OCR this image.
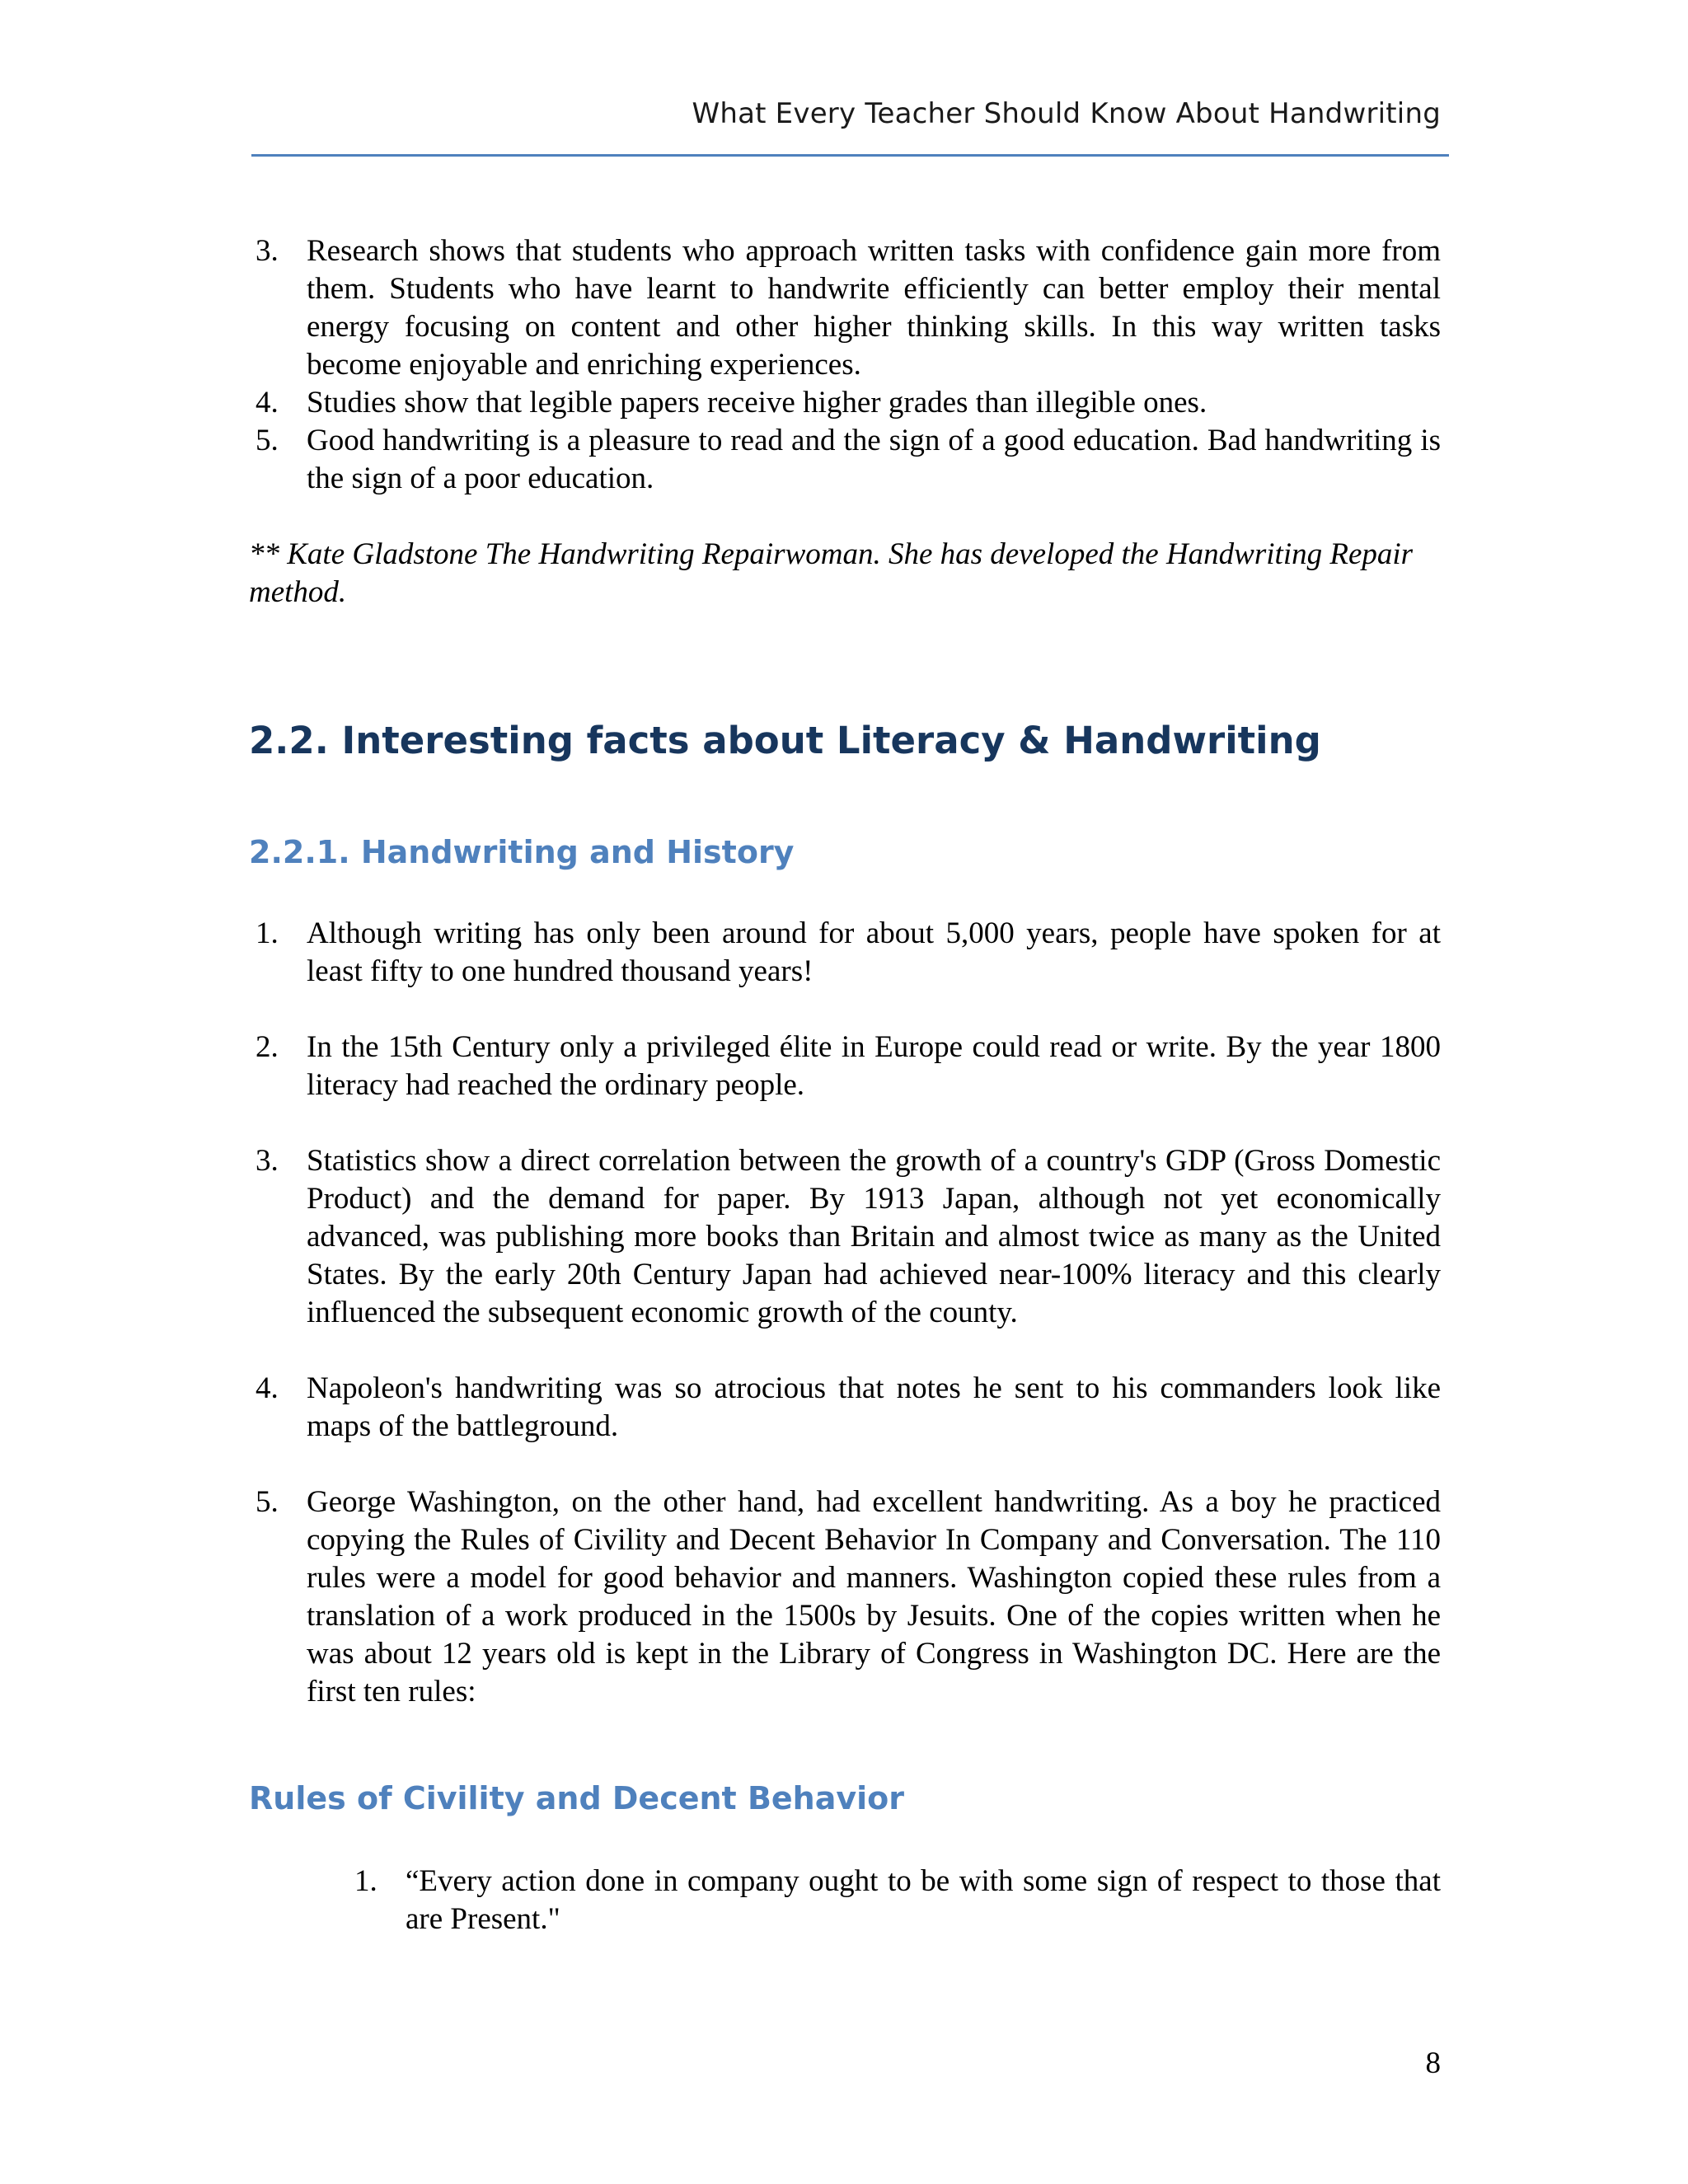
What Every Teacher Should Know About Handwriting
3. Research shows that students who approach written tasks with confidence gain more from them. Students who have learnt to handwrite efficiently can better employ their mental energy focusing on content and other higher thinking skills. In this way written tasks become enjoyable and enriching experiences.
4. Studies show that legible papers receive higher grades than illegible ones.
5. Good handwriting is a pleasure to read and the sign of a good education. Bad handwriting is the sign of a poor education.

** Kate Gladstone The Handwriting Repairwoman. She has developed the Handwriting Repair method.

2.2. Interesting facts about Literacy & Handwriting
2.2.1. Handwriting and History
1. Although writing has only been around for about 5,000 years, people have spoken for at least fifty to one hundred thousand years!
2. In the 15th Century only a privileged élite in Europe could read or write. By the year 1800 literacy had reached the ordinary people.
3. Statistics show a direct correlation between the growth of a country's GDP (Gross Domestic Product) and the demand for paper. By 1913 Japan, although not yet economically advanced, was publishing more books than Britain and almost twice as many as the United States. By the early 20th Century Japan had achieved near-100% literacy and this clearly influenced the subsequent economic growth of the county.
4. Napoleon's handwriting was so atrocious that notes he sent to his commanders look like maps of the battleground.
5. George Washington, on the other hand, had excellent handwriting. As a boy he practiced copying the Rules of Civility and Decent Behavior In Company and Conversation. The 110 rules were a model for good behavior and manners. Washington copied these rules from a translation of a work produced in the 1500s by Jesuits. One of the copies written when he was about 12 years old is kept in the Library of Congress in Washington DC. Here are the first ten rules:
Rules of Civility and Decent Behavior
1. “Every action done in company ought to be with some sign of respect to those that are Present."
8
